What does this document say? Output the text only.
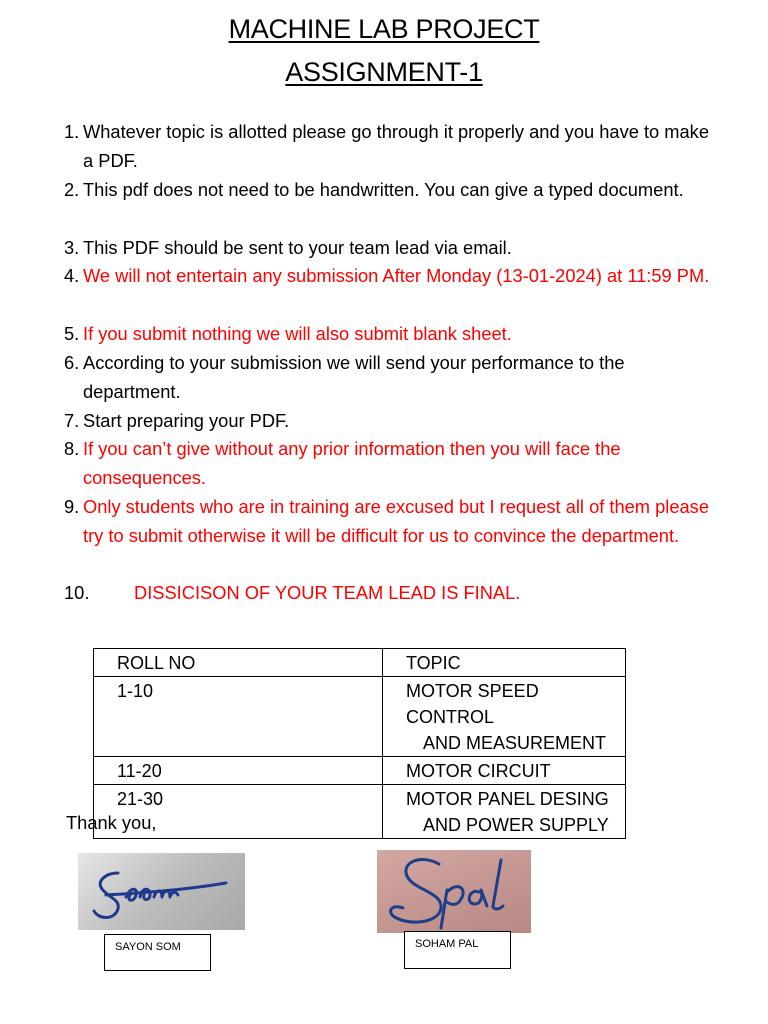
MACHINE LAB PROJECT
ASSIGNMENT-1
1. Whatever topic is allotted please go through it properly and you have to make a PDF.
2. This pdf does not need to be handwritten. You can give a typed document.
3. This PDF should be sent to your team lead via email.
4. We will not entertain any submission After Monday (13-01-2024) at 11:59 PM.
5. If you submit nothing we will also submit blank sheet.
6. According to your submission we will send your performance to the department.
7. Start preparing your PDF.
8. If you can’t give without any prior information then you will face the consequences.
9. Only students who are in training are excused but I request all of them please try to submit otherwise it will be difficult for us to convince the department.
10.	DISSICISON OF YOUR TEAM LEAD IS FINAL.
ROLL NO	TOPIC
1-10	MOTOR SPEED CONTROL
AND MEASUREMENT

11-20	MOTOR CIRCUIT
21-30	MOTOR PANEL DESING
AND POWER SUPPLY
Thank you,
SAYON SOM	SOHAM PAL
